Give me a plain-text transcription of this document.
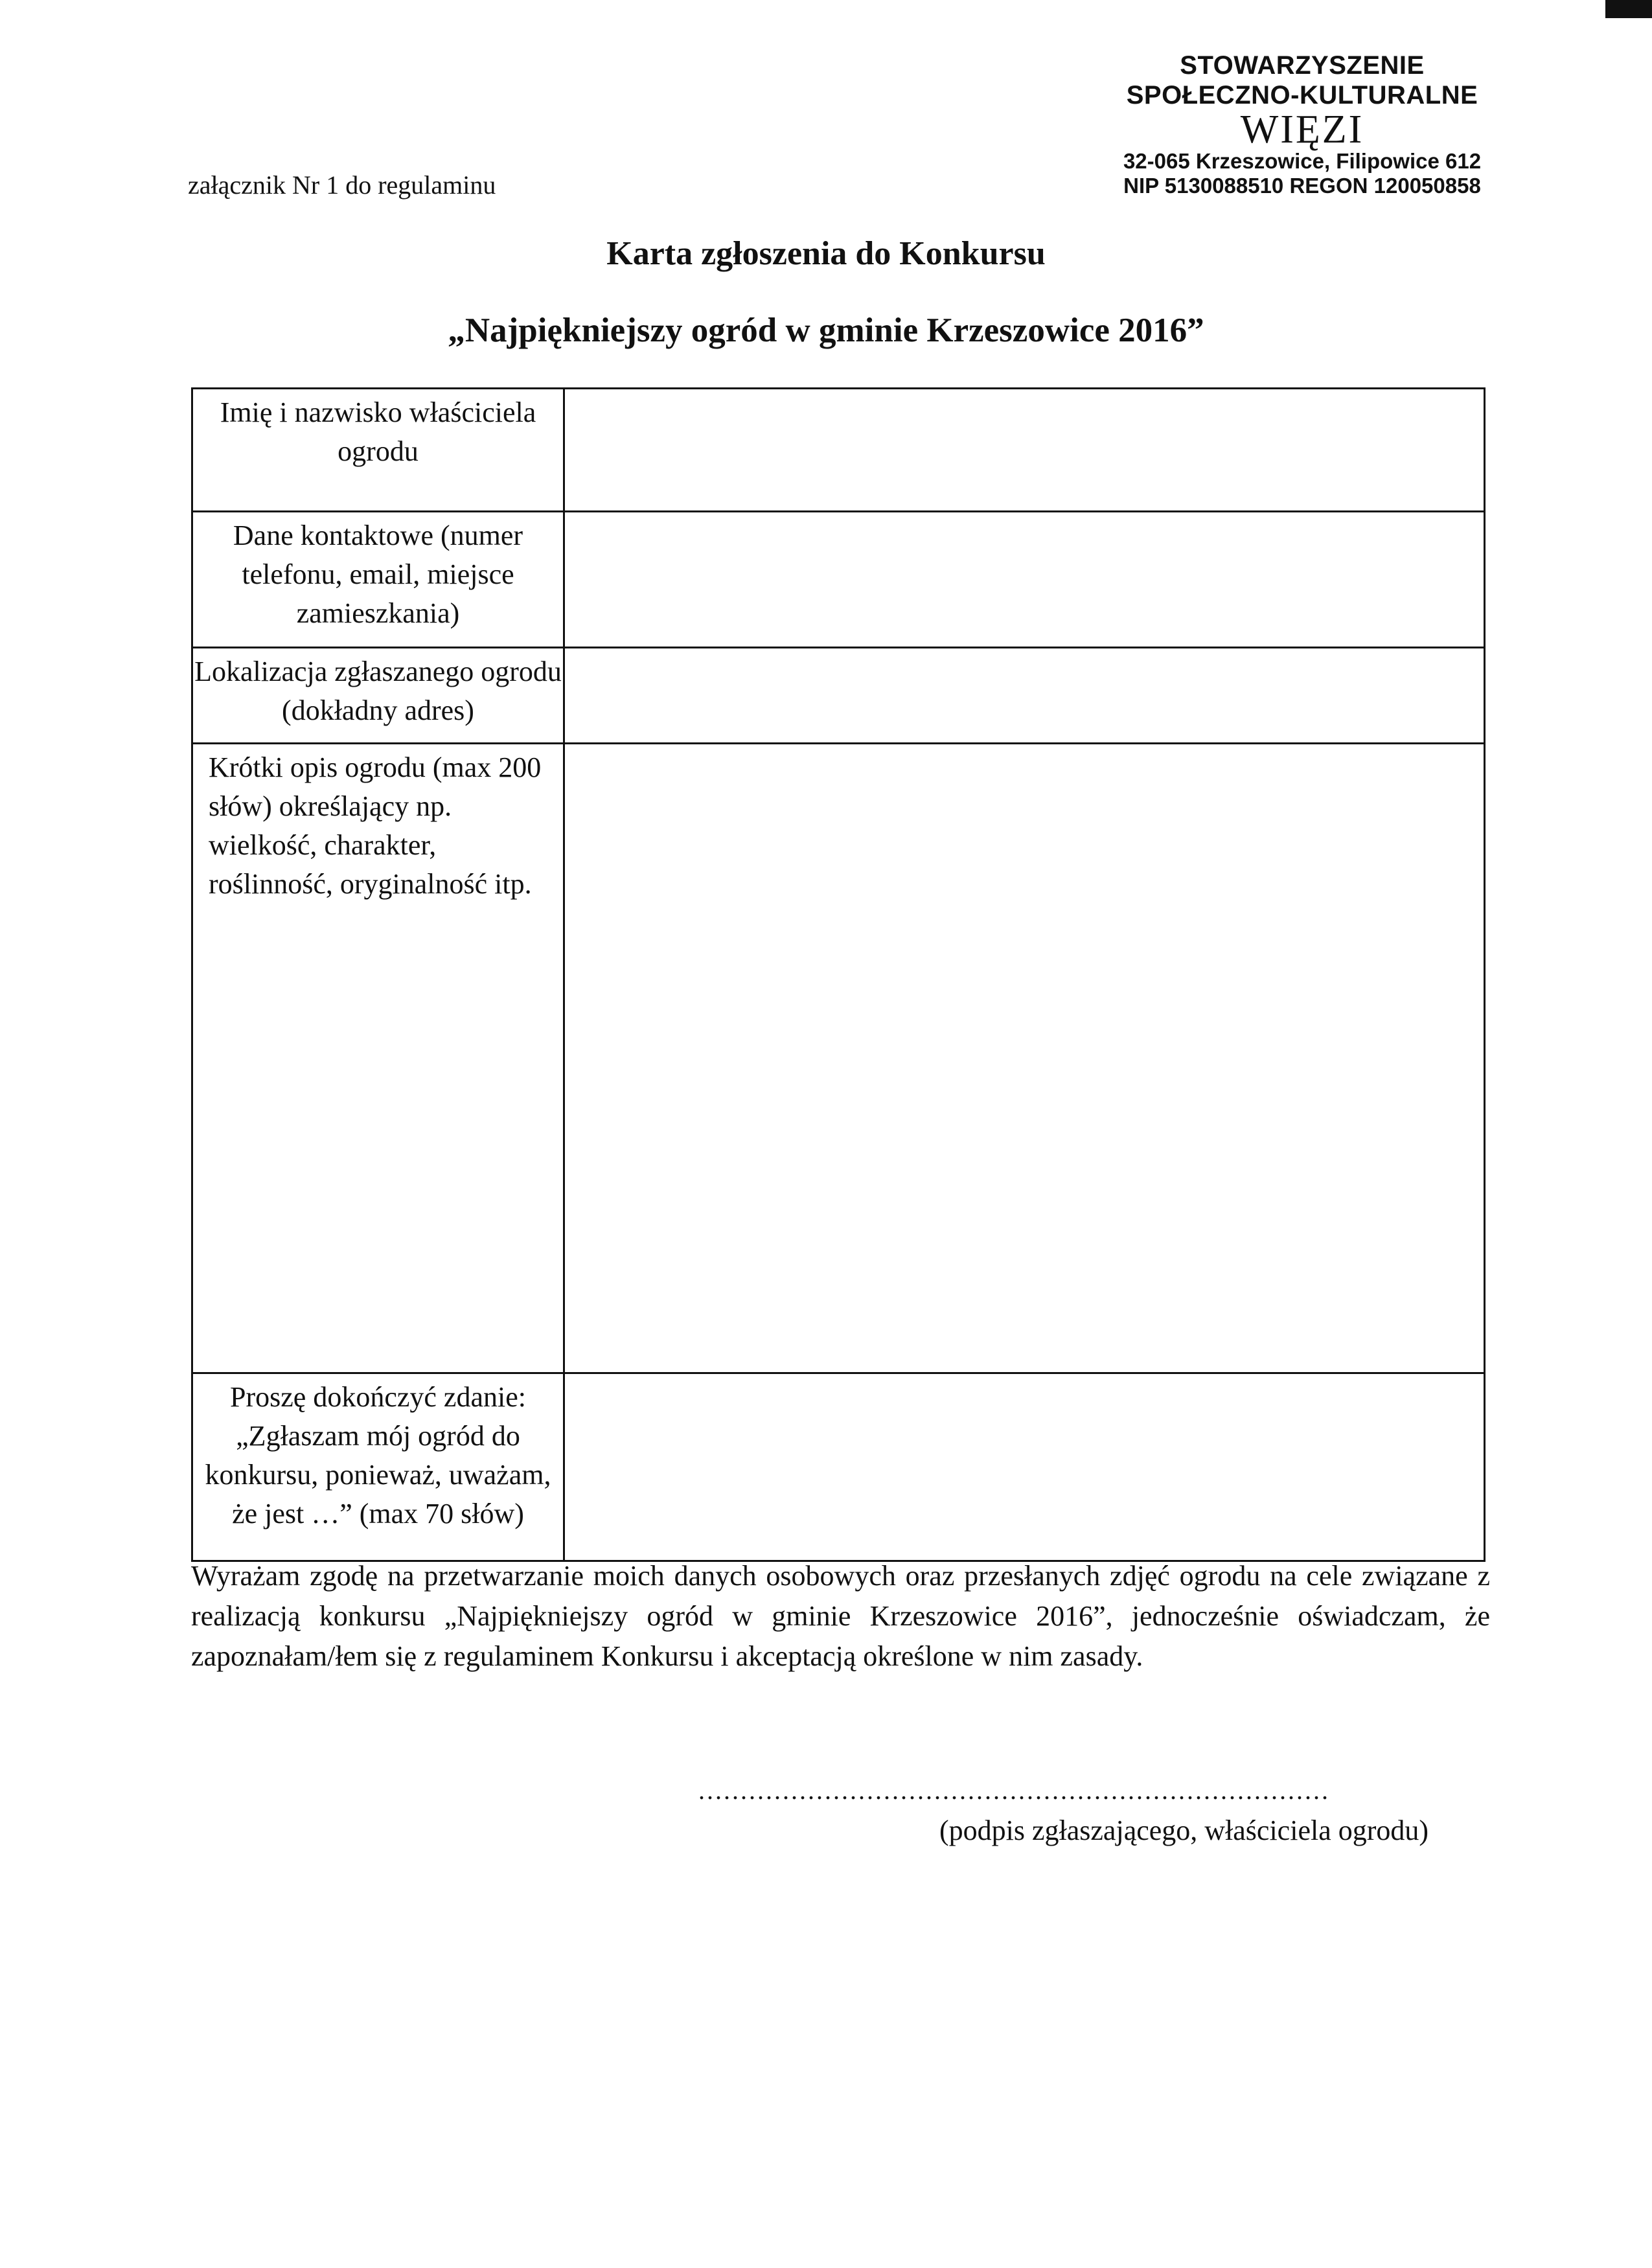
STOWARZYSZENIE
SPOŁECZNO-KULTURALNE
WIĘZI
32-065 Krzeszowice, Filipowice 612
NIP 5130088510 REGON 120050858
załącznik Nr 1 do regulaminu
Karta zgłoszenia do Konkursu
„Najpiękniejszy ogród w gminie Krzeszowice 2016”
Imię i nazwisko właściciela ogrodu	
Dane kontaktowe (numer telefonu, email, miejsce zamieszkania)	
Lokalizacja zgłaszanego ogrodu (dokładny adres)	
Krótki opis ogrodu (max 200 słów) określający np. wielkość, charakter, roślinność, oryginalność itp.	
Proszę dokończyć zdanie: „Zgłaszam mój ogród do konkursu, ponieważ, uważam, że jest …” (max 70 słów)	
Wyrażam zgodę na przetwarzanie moich danych osobowych oraz przesłanych zdjęć ogrodu na cele związane z realizacją konkursu „Najpiękniejszy ogród w gminie Krzeszowice 2016”, jednocześnie oświadczam, że zapoznałam/łem się z regulaminem Konkursu i akceptacją określone w nim zasady.
...........................................................................
(podpis zgłaszającego, właściciela ogrodu)
